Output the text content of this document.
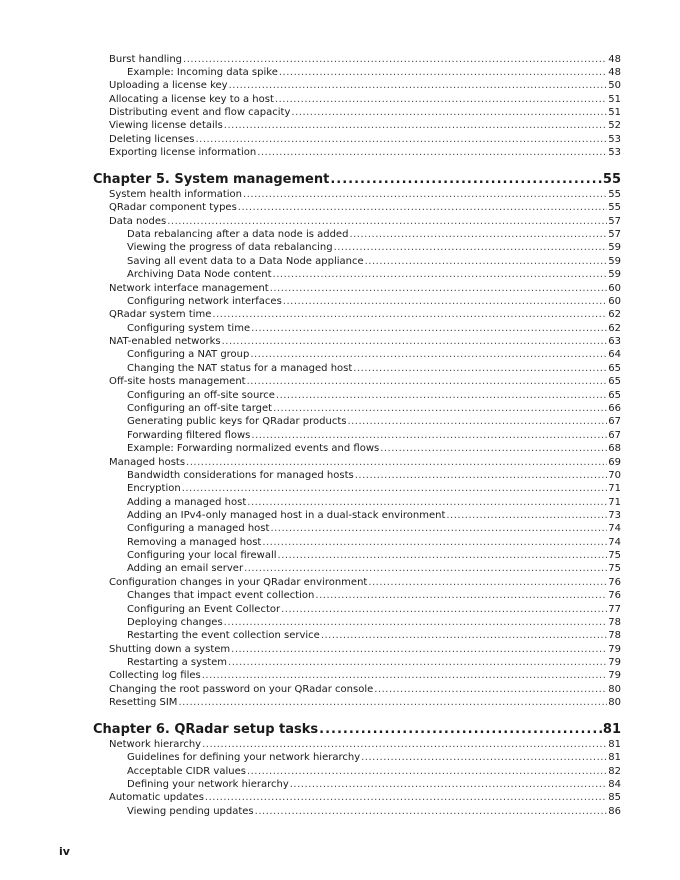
Burst handling .....	48
Example: Incoming data spike .....	48
Uploading a license key .....	50
Allocating a license key to a host .....	51
Distributing event and flow capacity .....	51
Viewing license details .....	52
Deleting licenses .....	53
Exporting license information .....	53
Chapter 5. System management .....	55
System health information .....	55
QRadar component types .....	55
Data nodes .....	57
Data rebalancing after a data node is added .....	57
Viewing the progress of data rebalancing .....	59
Saving all event data to a Data Node appliance .....	59
Archiving Data Node content .....	59
Network interface management .....	60
Configuring network interfaces .....	60
QRadar system time .....	62
Configuring system time .....	62
NAT-enabled networks .....	63
Configuring a NAT group .....	64
Changing the NAT status for a managed host .....	65
Off-site hosts management .....	65
Configuring an off-site source .....	65
Configuring an off-site target .....	66
Generating public keys for QRadar products .....	67
Forwarding filtered flows .....	67
Example: Forwarding normalized events and flows .....	68
Managed hosts .....	69
Bandwidth considerations for managed hosts .....	70
Encryption .....	71
Adding a managed host .....	71
Adding an IPv4-only managed host in a dual-stack environment .....	73
Configuring a managed host .....	74
Removing a managed host .....	74
Configuring your local firewall .....	75
Adding an email server .....	75
Configuration changes in your QRadar environment .....	76
Changes that impact event collection .....	76
Configuring an Event Collector .....	77
Deploying changes .....	78
Restarting the event collection service .....	78
Shutting down a system .....	79
Restarting a system .....	79
Collecting log files .....	79
Changing the root password on your QRadar console .....	80
Resetting SIM .....	80
Chapter 6. QRadar setup tasks .....	81
Network hierarchy .....	81
Guidelines for defining your network hierarchy .....	81
Acceptable CIDR values .....	82
Defining your network hierarchy .....	84
Automatic updates .....	85
Viewing pending updates .....	86
iv
